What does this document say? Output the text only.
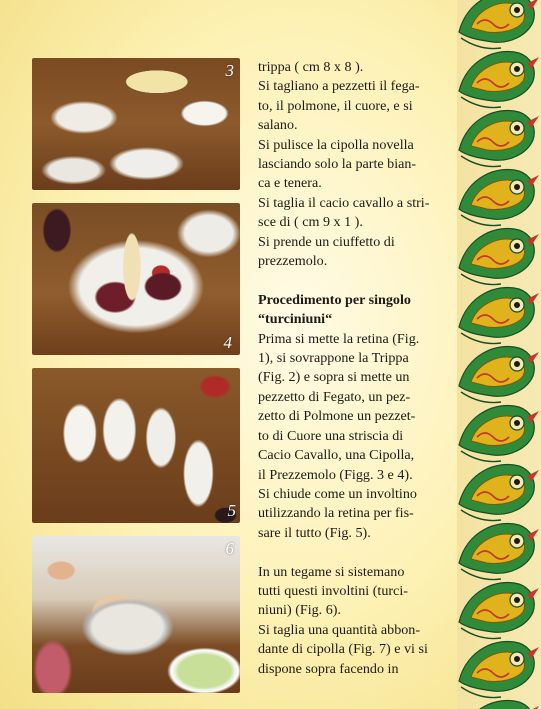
3
4
5
6

trippa ( cm 8 x 8 ).

Si tagliano a pezzetti il fega-

to, il polmone, il cuore, e si

salano.

Si pulisce la cipolla novella

lasciando solo la parte bian-

ca e tenera.

Si taglia il cacio cavallo a stri-

sce di ( cm 9 x 1 ).

Si prende un ciuffetto di

prezzemolo.

Procedimento per singolo

“turciniuni“

Prima si mette la retina (Fig.

1), si sovrappone la Trippa

(Fig. 2) e sopra si mette un

pezzetto di Fegato, un pez-

zetto di Polmone un pezzet-

to di Cuore una striscia di

Cacio Cavallo, una Cipolla,

il Prezzemolo (Figg. 3 e 4).

Si chiude come un involtino

utilizzando la retina per fis-

sare il tutto (Fig. 5).

In un tegame si sistemano

tutti questi involtini (turci-

niuni) (Fig. 6).

Si taglia una quantità abbon-

dante di cipolla (Fig. 7) e vi si

dispone sopra facendo in
